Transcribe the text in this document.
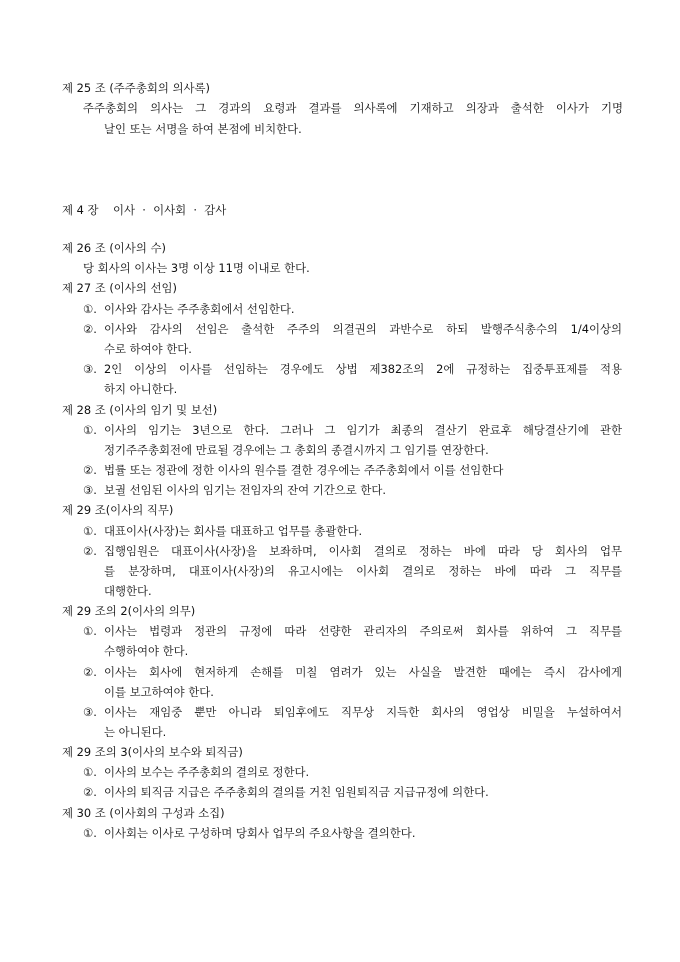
제 25 조 (주주총회의 의사록)
주주총회의 의사는 그 경과의 요령과 결과를 의사록에 기재하고 의장과 출석한 이사가 기명
날인 또는 서명을 하여 본점에 비치한다.
제 4 장    이사  ·  이사회  ·  감사
제 26 조 (이사의 수)
당 회사의 이사는 3명 이상 11명 이내로 한다.
제 27 조 (이사의 선임)
①. 이사와 감사는 주주총회에서 선임한다.
②. 이사와 감사의 선임은 출석한 주주의 의결권의 과반수로 하되 발행주식총수의 1/4이상의
수로 하여야 한다.
③. 2인 이상의 이사를 선임하는 경우에도 상법 제382조의 2에 규정하는 집중투표제를 적용
하지 아니한다.
제 28 조 (이사의 임기 및 보선)
①. 이사의 임기는 3년으로 한다. 그러나 그 임기가 최종의 결산기 완료후 해당결산기에 관한
정기주주총회전에 만료될 경우에는 그 총회의 종결시까지 그 임기를 연장한다.
②. 법률 또는 정관에 정한 이사의 원수를 결한 경우에는 주주총회에서 이를 선임한다
③. 보궐 선임된 이사의 임기는 전임자의 잔여 기간으로 한다.
제 29 조(이사의 직무)
①. 대표이사(사장)는 회사를 대표하고 업무를 총괄한다.
②. 집행임원은 대표이사(사장)을 보좌하며, 이사회 결의로 정하는 바에 따라 당 회사의 업무
를 분장하며, 대표이사(사장)의 유고시에는 이사회 결의로 정하는 바에 따라 그 직무를
대행한다.
제 29 조의 2(이사의 의무)
①. 이사는 법령과 정관의 규정에 따라 선량한 관리자의 주의로써 회사를 위하여 그 직무를
수행하여야 한다.
②. 이사는 회사에 현저하게 손해를 미칠 염려가 있는 사실을 발견한 때에는 즉시 감사에게
이를 보고하여야 한다.
③. 이사는 재임중 뿐만 아니라 퇴임후에도 직무상 지득한 회사의 영업상 비밀을 누설하여서
는 아니된다.
제 29 조의 3(이사의 보수와 퇴직금)
①. 이사의 보수는 주주총회의 결의로 정한다.
②. 이사의 퇴직금 지급은 주주총회의 결의를 거친 임원퇴직금 지급규정에 의한다.
제 30 조 (이사회의 구성과 소집)
①. 이사회는 이사로 구성하며 당회사 업무의 주요사항을 결의한다.
